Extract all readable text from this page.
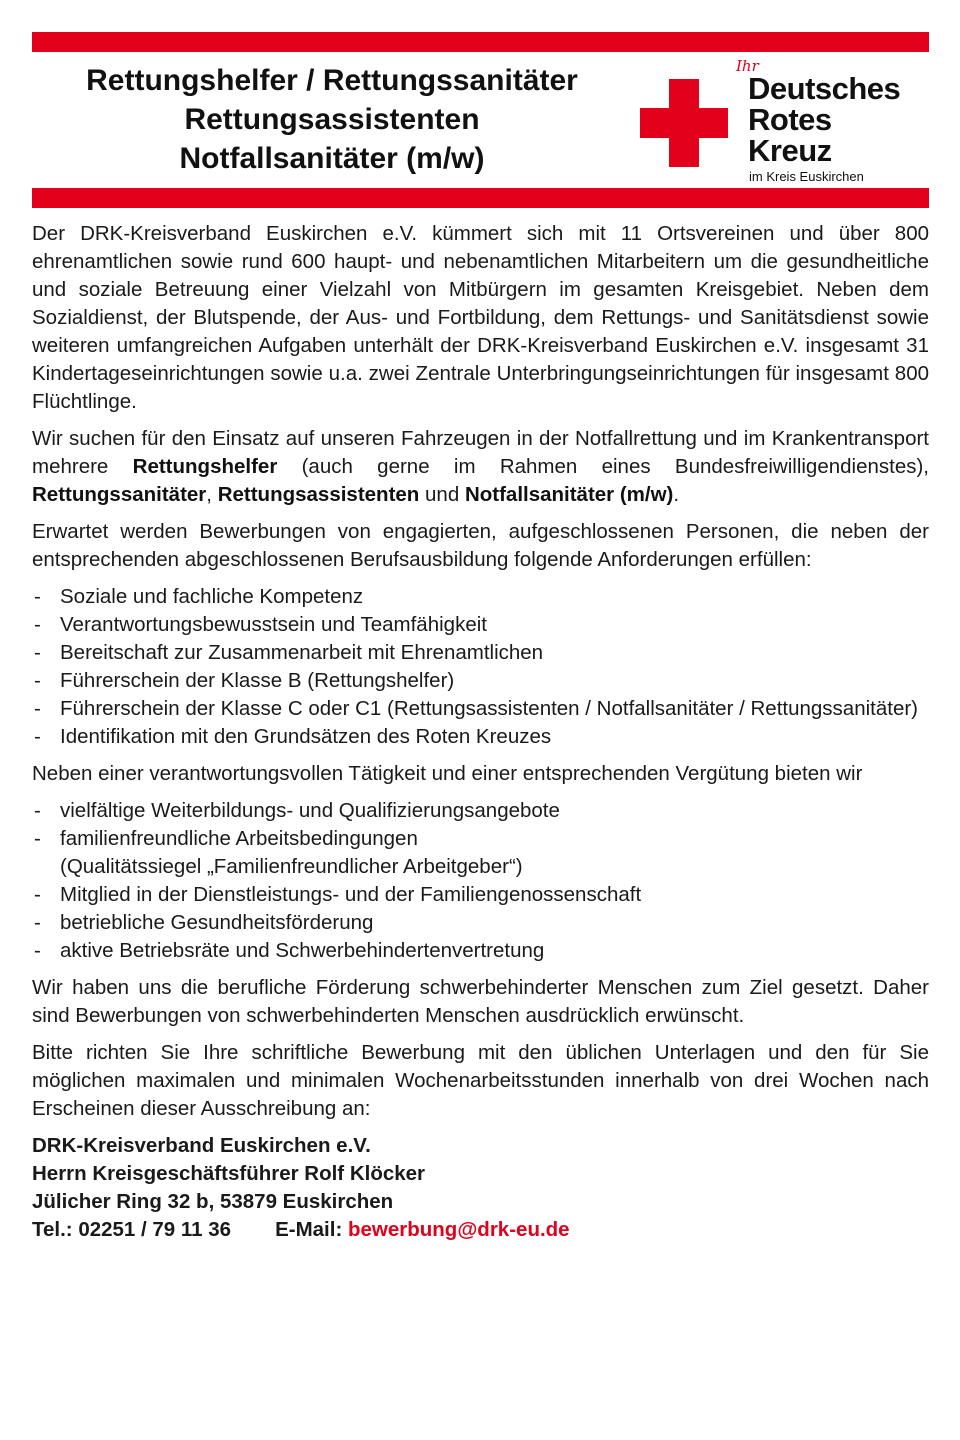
Rettungshelfer / Rettungssanitäter
Rettungsassistenten
Notfallsanitäter (m/w)
Ihr
Deutsches
Rotes
Kreuz
im Kreis Euskirchen

Der DRK-Kreisverband Euskirchen e.V. kümmert sich mit 11 Ortsvereinen und über 800 ehrenamtlichen sowie rund 600 haupt- und nebenamtlichen Mitarbeitern um die gesundheitliche und soziale Betreuung einer Vielzahl von Mitbürgern im gesamten Kreisgebiet. Neben dem Sozialdienst, der Blutspende, der Aus- und Fortbildung, dem Rettungs- und Sanitätsdienst sowie weiteren umfangreichen Aufgaben unterhält der DRK-Kreisverband Euskirchen e.V. insgesamt 31 Kindertageseinrichtungen sowie u.a. zwei Zentrale Unterbringungseinrichtungen für insgesamt 800 Flüchtlinge.

Wir suchen für den Einsatz auf unseren Fahrzeugen in der Notfallrettung und im Krankentransport mehrere Rettungshelfer (auch gerne im Rahmen eines Bundesfreiwilligendienstes), Rettungssanitäter, Rettungsassistenten und Notfallsanitäter (m/w).

Erwartet werden Bewerbungen von engagierten, aufgeschlossenen Personen, die neben der entsprechenden abgeschlossenen Berufsausbildung folgende Anforderungen erfüllen:

- Soziale und fachliche Kompetenz
- Verantwortungsbewusstsein und Teamfähigkeit
- Bereitschaft zur Zusammenarbeit mit Ehrenamtlichen
- Führerschein der Klasse B (Rettungshelfer)
- Führerschein der Klasse C oder C1 (Rettungsassistenten / Notfallsanitäter / Rettungssanitäter)
- Identifikation mit den Grundsätzen des Roten Kreuzes

Neben einer verantwortungsvollen Tätigkeit und einer entsprechenden Vergütung bieten wir

- vielfältige Weiterbildungs- und Qualifizierungsangebote
- familienfreundliche Arbeitsbedingungen
(Qualitätssiegel „Familienfreundlicher Arbeitgeber“)
- Mitglied in der Dienstleistungs- und der Familiengenossenschaft
- betriebliche Gesundheitsförderung
- aktive Betriebsräte und Schwerbehindertenvertretung

Wir haben uns die berufliche Förderung schwerbehinderter Menschen zum Ziel gesetzt. Daher sind Bewerbungen von schwerbehinderten Menschen ausdrücklich erwünscht.

Bitte richten Sie Ihre schriftliche Bewerbung mit den üblichen Unterlagen und den für Sie möglichen maximalen und minimalen Wochenarbeitsstunden innerhalb von drei Wochen nach Erscheinen dieser Ausschreibung an:

DRK-Kreisverband Euskirchen e.V.
Herrn Kreisgeschäftsführer Rolf Klöcker
Jülicher Ring 32 b, 53879 Euskirchen
Tel.: 02251 / 79 11 36 E-Mail: bewerbung@drk-eu.de
